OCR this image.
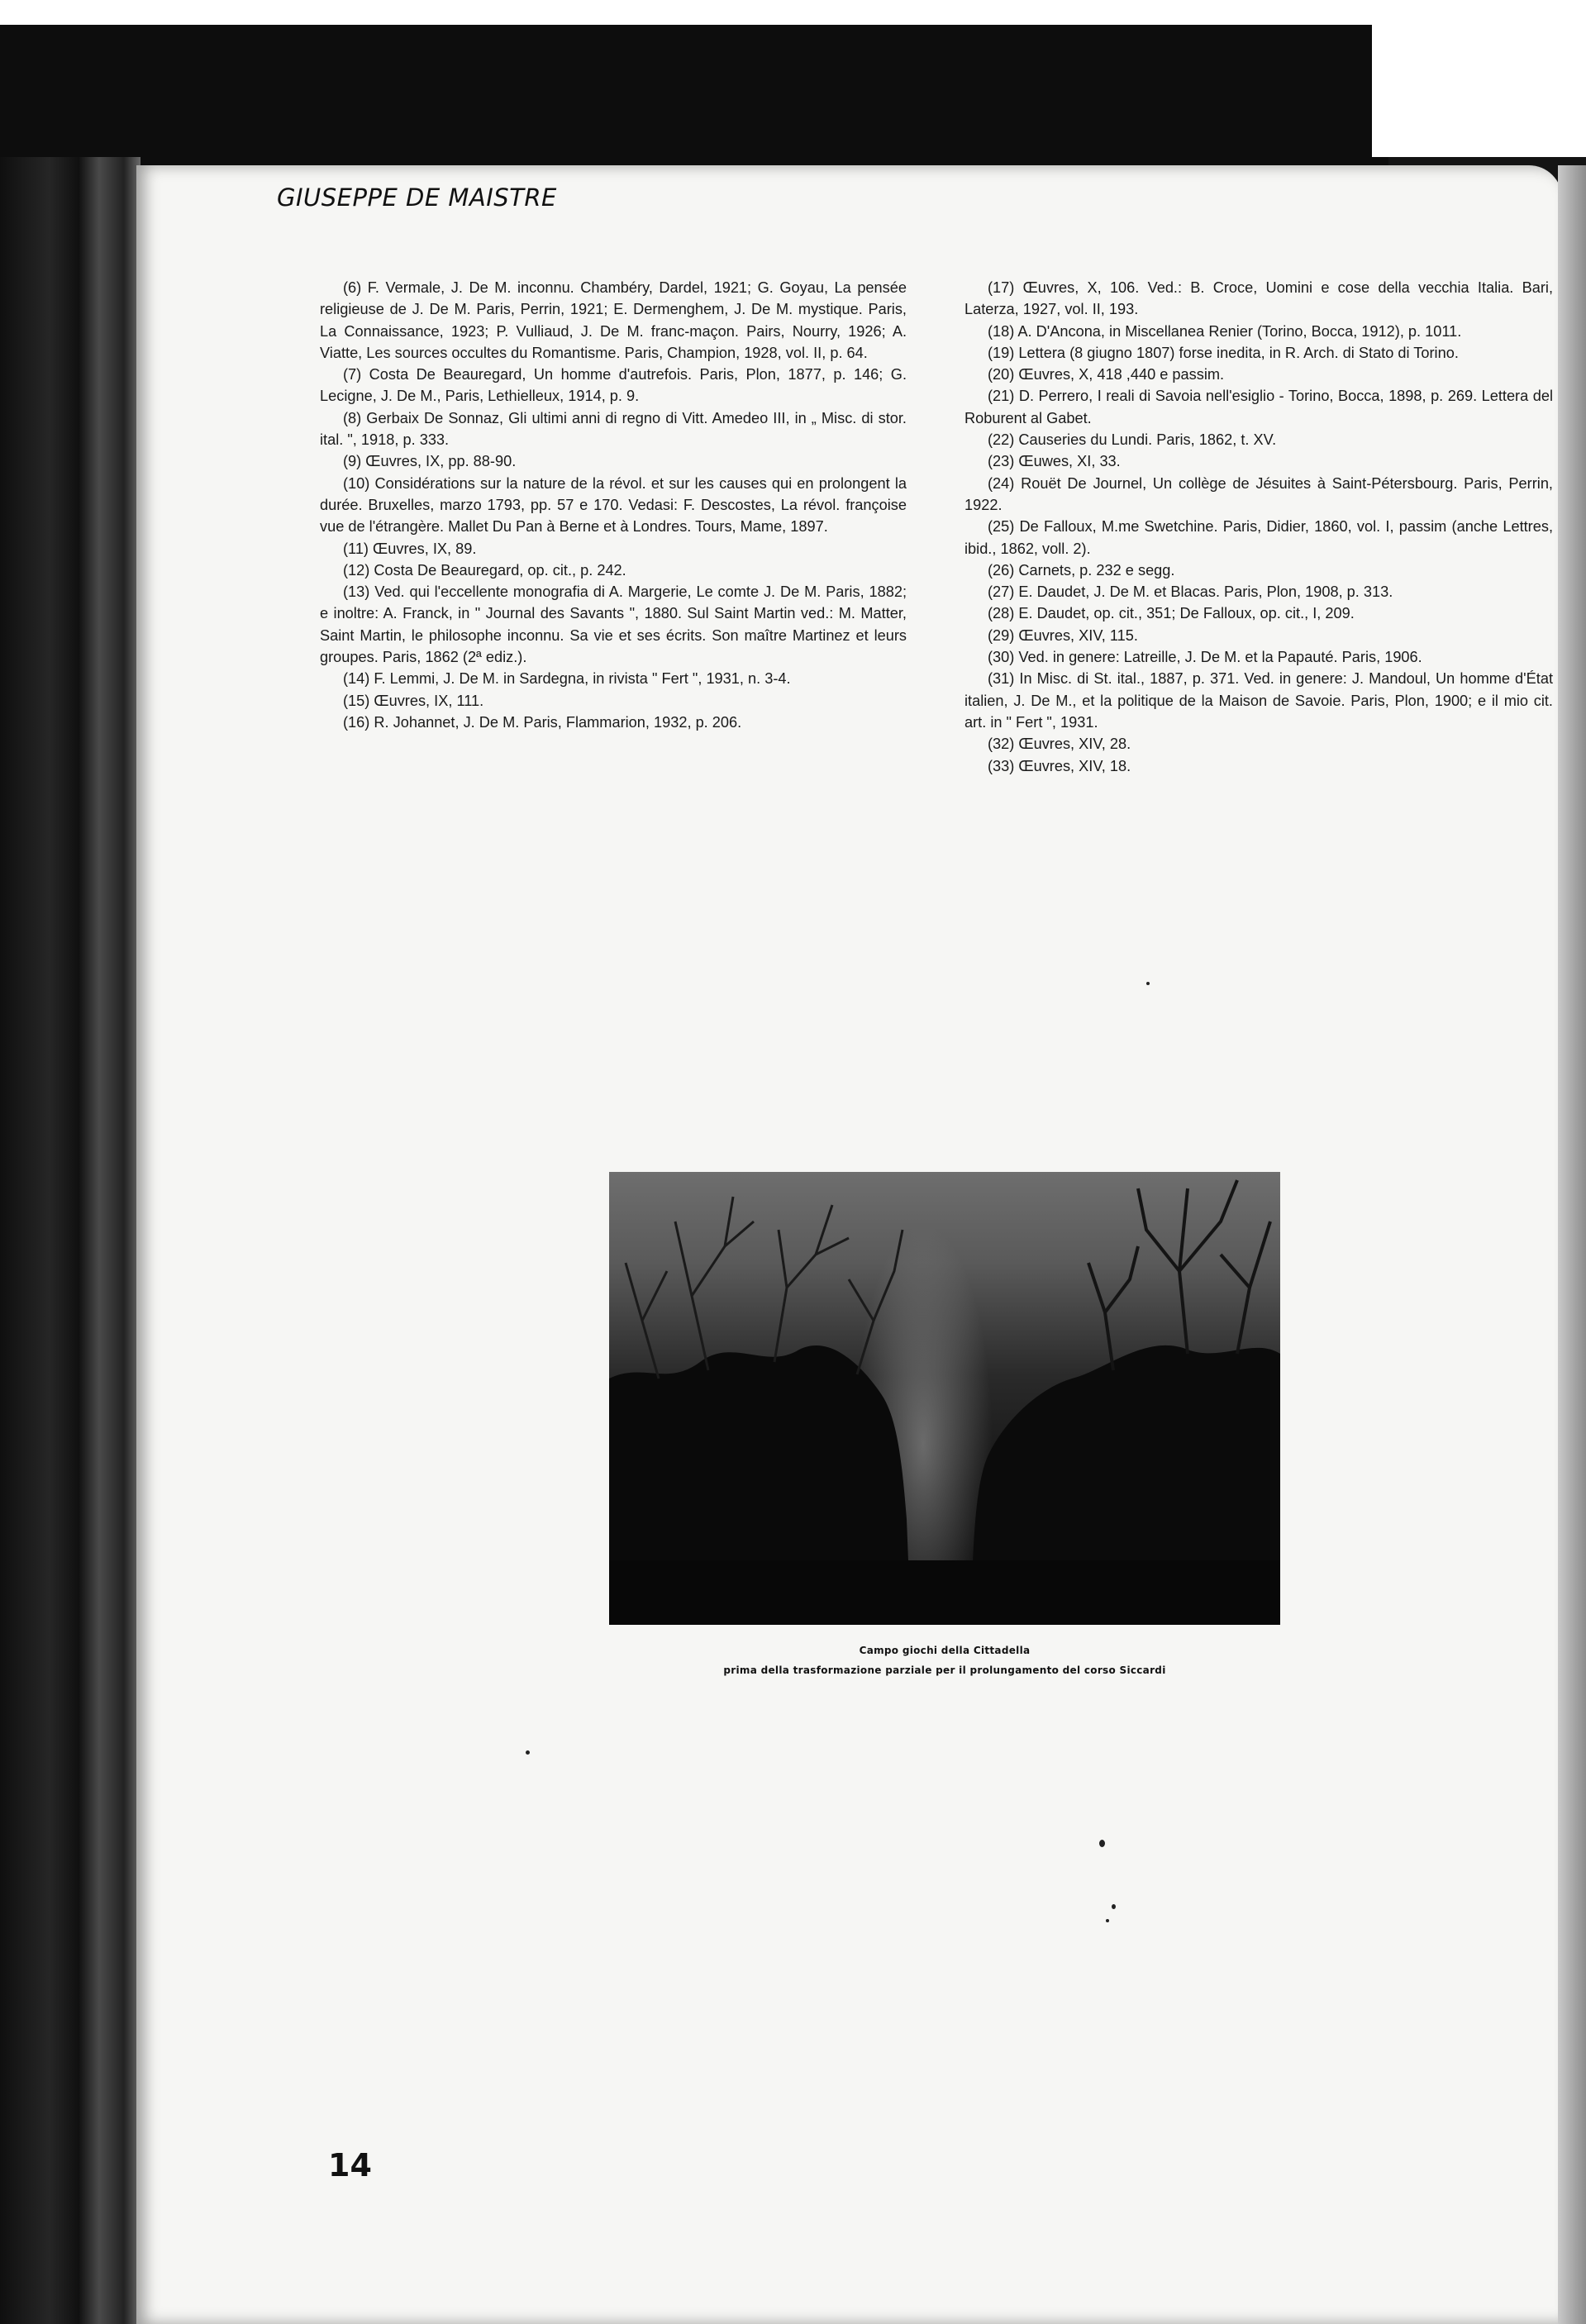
GIUSEPPE DE MAISTRE

(6) F. Vermale, J. De M. inconnu. Chambéry, Dardel, 1921; G. Goyau, La pensée religieuse de J. De M. Paris, Perrin, 1921; E. Dermenghem, J. De M. mystique. Paris, La Connaissance, 1923; P. Vulliaud, J. De M. franc-maçon. Pairs, Nourry, 1926; A. Viatte, Les sources occultes du Romantisme. Paris, Champion, 1928, vol. II, p. 64.

(7) Costa De Beauregard, Un homme d'autrefois. Paris, Plon, 1877, p. 146; G. Lecigne, J. De M., Paris, Lethielleux, 1914, p. 9.

(8) Gerbaix De Sonnaz, Gli ultimi anni di regno di Vitt. Amedeo III, in „ Misc. di stor. ital. ", 1918, p. 333.

(9) Œuvres, IX, pp. 88-90.

(10) Considérations sur la nature de la révol. et sur les causes qui en prolongent la durée. Bruxelles, marzo 1793, pp. 57 e 170. Vedasi: F. Descostes, La révol. françoise vue de l'étrangère. Mallet Du Pan à Berne et à Londres. Tours, Mame, 1897.

(11) Œuvres, IX, 89.

(12) Costa De Beauregard, op. cit., p. 242.

(13) Ved. qui l'eccellente monografia di A. Margerie, Le comte J. De M. Paris, 1882; e inoltre: A. Franck, in " Journal des Savants ", 1880. Sul Saint Martin ved.: M. Matter, Saint Martin, le philosophe inconnu. Sa vie et ses écrits. Son maître Martinez et leurs groupes. Paris, 1862 (2ª ediz.).

(14) F. Lemmi, J. De M. in Sardegna, in rivista " Fert ", 1931, n. 3-4.

(15) Œuvres, IX, 111.

(16) R. Johannet, J. De M. Paris, Flammarion, 1932, p. 206.

(17) Œuvres, X, 106. Ved.: B. Croce, Uomini e cose della vecchia Italia. Bari, Laterza, 1927, vol. II, 193.

(18) A. D'Ancona, in Miscellanea Renier (Torino, Bocca, 1912), p. 1011.

(19) Lettera (8 giugno 1807) forse inedita, in R. Arch. di Stato di Torino.

(20) Œuvres, X, 418 ,440 e passim.

(21) D. Perrero, I reali di Savoia nell'esiglio - Torino, Bocca, 1898, p. 269. Lettera del Roburent al Gabet.

(22) Causeries du Lundi. Paris, 1862, t. XV.

(23) Œuwes, XI, 33.

(24) Rouët De Journel, Un collège de Jésuites à Saint-Pétersbourg. Paris, Perrin, 1922.

(25) De Falloux, M.me Swetchine. Paris, Didier, 1860, vol. I, passim (anche Lettres, ibid., 1862, voll. 2).

(26) Carnets, p. 232 e segg.

(27) E. Daudet, J. De M. et Blacas. Paris, Plon, 1908, p. 313.

(28) E. Daudet, op. cit., 351; De Falloux, op. cit., I, 209.

(29) Œuvres, XIV, 115.

(30) Ved. in genere: Latreille, J. De M. et la Papauté. Paris, 1906.

(31) In Misc. di St. ital., 1887, p. 371. Ved. in genere: J. Mandoul, Un homme d'État italien, J. De M., et la politique de la Maison de Savoie. Paris, Plon, 1900; e il mio cit. art. in " Fert ", 1931.

(32) Œuvres, XIV, 28.

(33) Œuvres, XIV, 18.

Campo giochi della Cittadella
prima della trasformazione parziale per il prolungamento del corso Siccardi
14
